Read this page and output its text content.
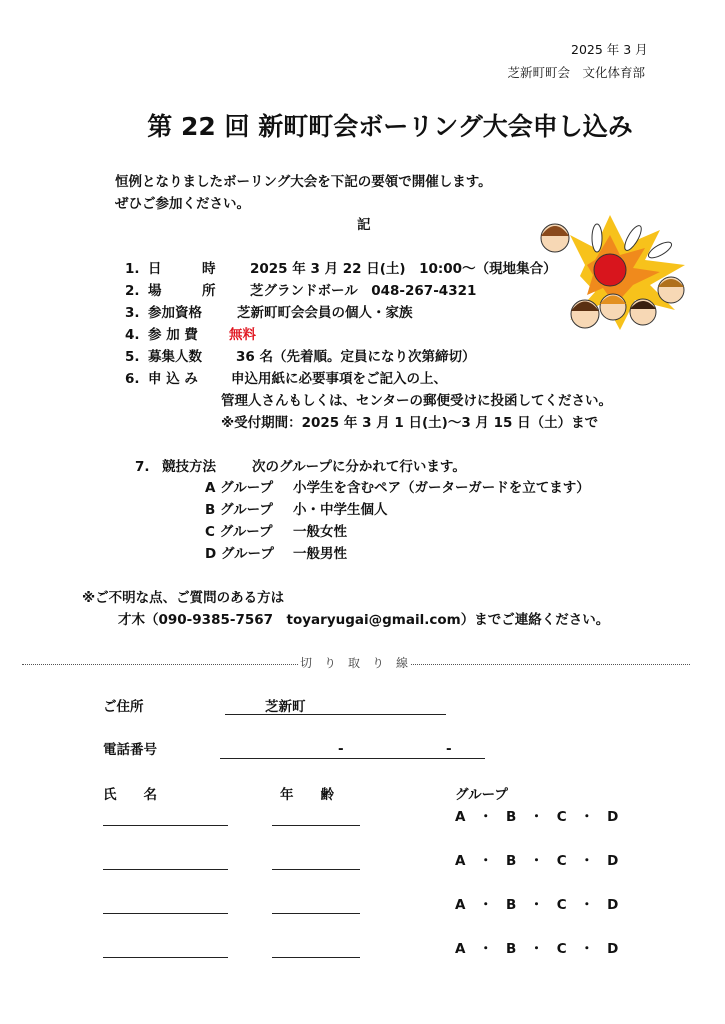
2025 年 3 月
芝新町町会　文化体育部
第 22 回 新町町会ボーリング大会申し込み
恒例となりましたボーリング大会を下記の要領で開催します。
ぜひご参加ください。
記
1. 日　　　時	2025 年 3 月 22 日(土)　10:00～（現地集合）
2. 場　　　所	芝グランドボール　048-267-4321
3. 参加資格	芝新町町会会員の個人・家族
4. 参 加 費 無料
5. 募集人数	36 名（先着順。定員になり次第締切）
6. 申 込 み 申込用紙に必要事項をご記入の上、
管理人さんもしくは、センターの郵便受けに投函してください。
※受付期間：2025 年 3 月 1 日(土)～3 月 15 日（土）まで
7. 競技方法	次のグループに分かれて行います。
A グループ 小学生を含むペア（ガーターガードを立てます）
B グループ 小・中学生個人
C グループ 一般女性
D グループ 一般男性
※ご不明な点、ご質問のある方は
才木（090-9385-7567　toyaryugai@gmail.com）までご連絡ください。
切　り　取　り　線
ご住所	芝新町
電話番号	-	-
氏　　名	年　　齢	グループ
A　・　B　・　C　・　D
A　・　B　・　C　・　D
A　・　B　・　C　・　D
A　・　B　・　C　・　D
